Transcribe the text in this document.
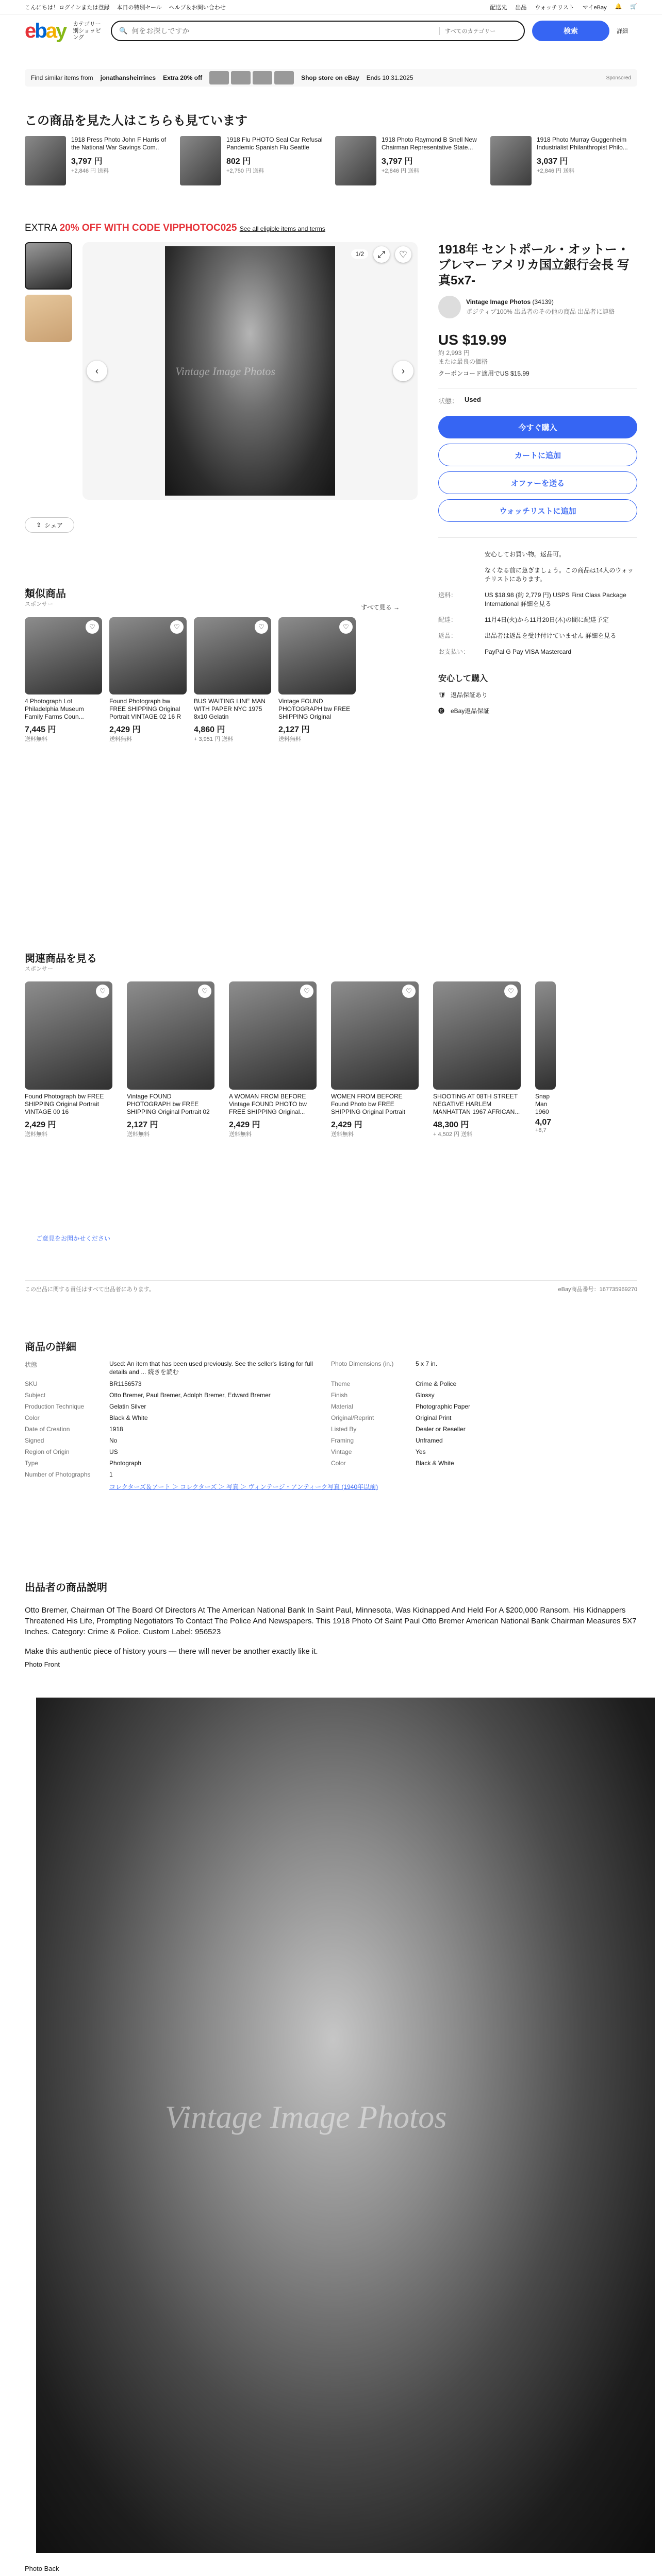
こんにちは！ログインまたは登録 本日の特別セール ヘルプ＆お問い合わせ	配送先 出品 ウォッチリスト マイeBay 🔔 🛒
ebay カテゴリー別ショッピング
🔍
何をお探しですか	すべてのカテゴリー	検索	詳細
Find similar items from jonathansheirrines Extra 20% off	Shop store on eBay Ends 10.31.2025	Sponsored
この商品を見た人はこちらも見ています
1918 Press Photo John F Harris of the National War Savings Com..
3,797 円
+2,846 円 送料
1918 Flu PHOTO Seal Car Refusal Pandemic Spanish Flu Seattle
802 円
+2,750 円 送料
1918 Photo Raymond B Snell New Chairman Representative State...
3,797 円
+2,846 円 送料
1918 Photo Murray Guggenheim Industrialist Philanthropist Philo...
3,037 円
+2,846 円 送料
EXTRA 20% OFF WITH CODE VIPPHOTOC025 See all eligible items and terms
Vintage Image Photos
‹	›
1/2	⤢	♡
⇪ シェア
1918年 セントポール・オットー・ブレマー アメリカ国立銀行会長 写真5x7-
Vintage Image Photos (34139)
ポジティブ100% 出品者のその他の商品 出品者に連絡
US $19.99
約 2,993 円
または最良の価格
クーポンコード適用でUS $15.99
状態： Used
今すぐ購入
カートに追加
オファーを送る
ウォッチリストに追加
安心してお買い物。返品可。
なくなる前に急ぎましょう。この商品は14人のウォッチリストにあります。
送料：	US $18.98 (約 2,779 円) USPS First Class Package International 詳細を見る
配達：	11月4日(火)から11月20日(木)の間に配達予定
返品：	出品者は返品を受け付けていません 詳細を見る
お支払い：	PayPal G Pay VISA Mastercard
安心して購入
🛡 返品保証あり
🅔 eBay返品保証
類似商品
スポンサー	すべて見る →
♡
4 Photograph Lot Philadelphia Museum Family Farms Coun...
7,445 円
送料無料
♡
Found Photograph bw FREE SHIPPING Original Portrait VINTAGE 02 16 R
2,429 円
送料無料
♡
BUS WAITING LINE MAN WITH PAPER NYC 1975 8x10 Gelatin
4,860 円
+ 3,951 円 送料
♡
Vintage FOUND PHOTOGRAPH bw FREE SHIPPING Original
2,127 円
送料無料
関連商品を見る
スポンサー
♡
Found Photograph bw FREE SHIPPING Original Portrait VINTAGE 00 16
2,429 円
送料無料
♡
Vintage FOUND PHOTOGRAPH bw FREE SHIPPING Original Portrait 02
2,127 円
送料無料
♡
A WOMAN FROM BEFORE Vintage FOUND PHOTO bw FREE SHIPPING Original...
2,429 円
送料無料
♡
WOMEN FROM BEFORE Found Photo bw FREE SHIPPING Original Portrait
2,429 円
送料無料
♡
SHOOTING AT 08TH STREET NEGATIVE HARLEM MANHATTAN 1967 AFRICAN...
48,300 円
+ 4,502 円 送料
Snap Man 1960
4,07
+8,7
ご意見をお聞かせください
この出品に関する責任はすべて出品者にあります。	eBay商品番号：167735969270
商品の詳細
状態	Used: An item that has been used previously. See the seller's listing for full details and ... 続きを読む
Photo Dimensions (in.)	5 x 7 in.
SKU	BR1156573	Theme	Crime & Police
Subject	Otto Bremer, Paul Bremer, Adolph Bremer, Edward Bremer	Finish	Glossy
Production Technique	Gelatin Silver	Material	Photographic Paper
Color	Black & White	Original/Reprint	Original Print
Date of Creation	1918	Listed By	Dealer or Reseller
Signed	No	Framing	Unframed
Region of Origin	US	Vintage	Yes
Type	Photograph	Color	Black & White
Number of Photographs	1
コレクターズ＆アート ＞ コレクターズ ＞ 写真 ＞ ヴィンテージ・アンティーク写真 (1940年以前)
出品者の商品説明
Otto Bremer, Chairman Of The Board Of Directors At The American National Bank In Saint Paul, Minnesota, Was Kidnapped And Held For A $200,000 Ransom. His Kidnappers Threatened His Life, Prompting Negotiators To Contact The Police And Newspapers. This 1918 Photo Of Saint Paul Otto Bremer American National Bank Chairman Measures 5X7 Inches. Category: Crime & Police. Custom Label: 956523
Make this authentic piece of history yours — there will never be another exactly like it.
Photo Front
Vintage Image Photos
Photo Back
